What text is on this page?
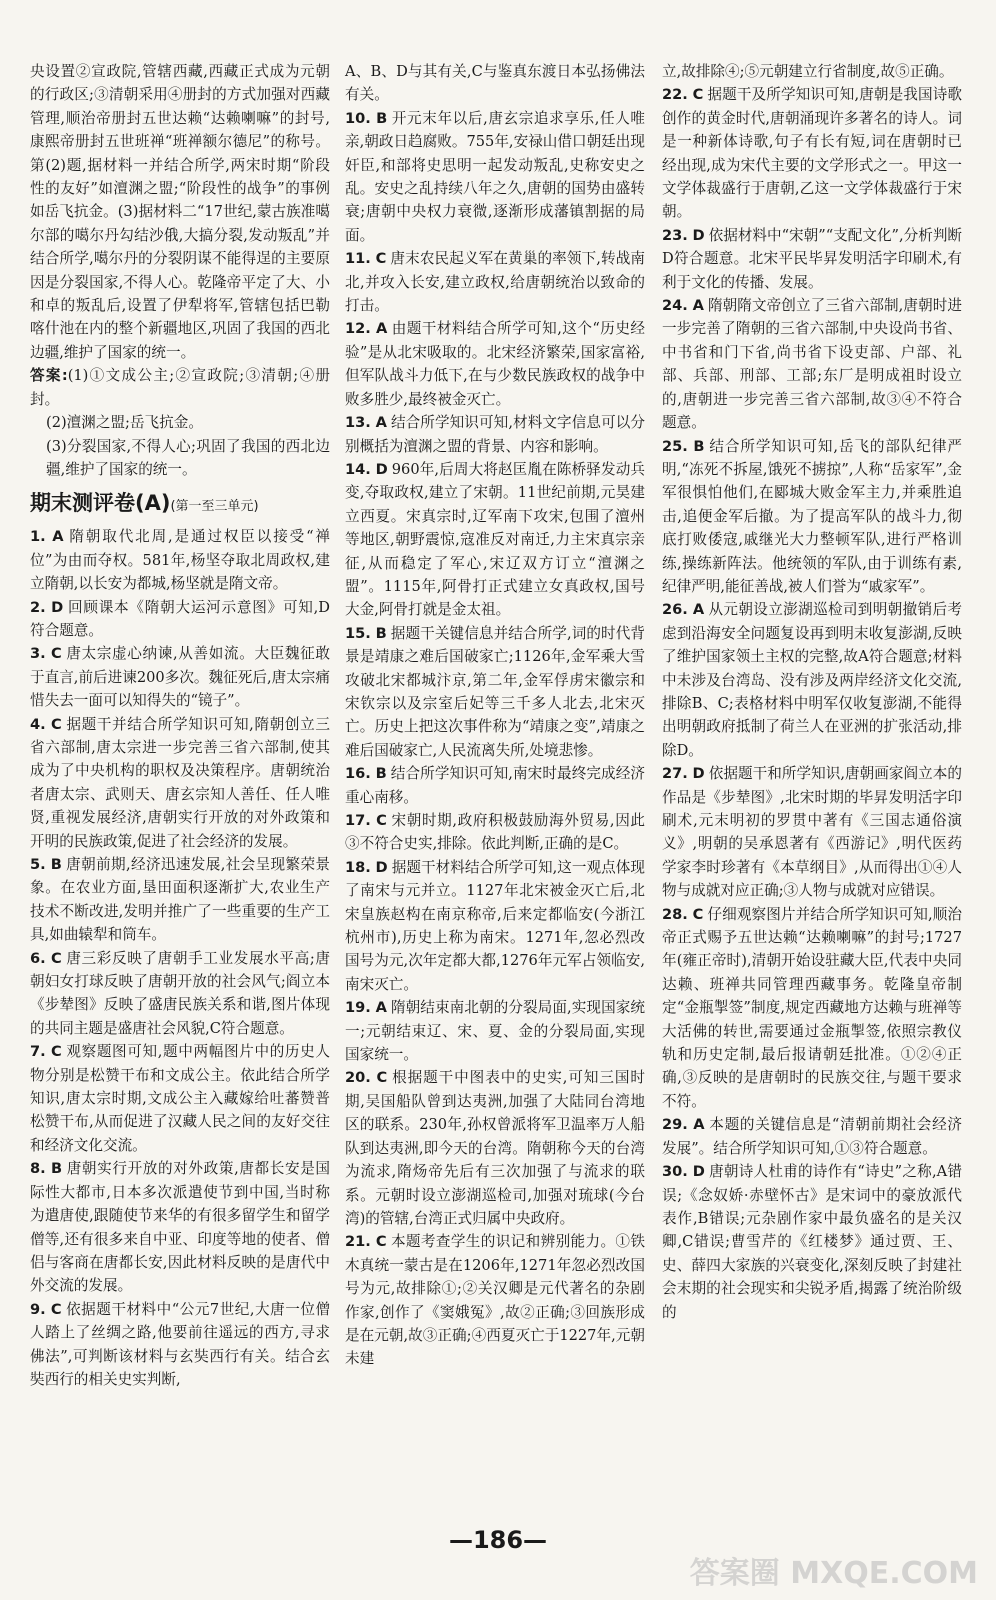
央设置②宣政院,管辖西藏,西藏正式成为元朝的行政区;③清朝采用④册封的方式加强对西藏管理,顺治帝册封五世达赖“达赖喇嘛”的封号,康熙帝册封五世班禅“班禅额尔德尼”的称号。第(2)题,据材料一并结合所学,两宋时期“阶段性的友好”如澶渊之盟;“阶段性的战争”的事例如岳飞抗金。(3)据材料二“17世纪,蒙古族准噶尔部的噶尔丹勾结沙俄,大搞分裂,发动叛乱”并结合所学,噶尔丹的分裂阴谋不能得逞的主要原因是分裂国家,不得人心。乾隆帝平定了大、小和卓的叛乱后,设置了伊犁将军,管辖包括巴勒喀什池在内的整个新疆地区,巩固了我国的西北边疆,维护了国家的统一。

答案:(1)①文成公主;②宣政院;③清朝;④册封。

(2)澶渊之盟;岳飞抗金。

(3)分裂国家,不得人心;巩固了我国的西北边疆,维护了国家的统一。

期末测评卷(A)(第一至三单元)

1. A 隋朝取代北周,是通过权臣以接受“禅位”为由而夺权。581年,杨坚夺取北周政权,建立隋朝,以长安为都城,杨坚就是隋文帝。

2. D 回顾课本《隋朝大运河示意图》可知,D符合题意。

3. C 唐太宗虚心纳谏,从善如流。大臣魏征敢于直言,前后进谏200多次。魏征死后,唐太宗痛惜失去一面可以知得失的“镜子”。

4. C 据题干并结合所学知识可知,隋朝创立三省六部制,唐太宗进一步完善三省六部制,使其成为了中央机构的职权及决策程序。唐朝统治者唐太宗、武则天、唐玄宗知人善任、任人唯贤,重视发展经济,唐朝实行开放的对外政策和开明的民族政策,促进了社会经济的发展。

5. B 唐朝前期,经济迅速发展,社会呈现繁荣景象。在农业方面,垦田面积逐渐扩大,农业生产技术不断改进,发明并推广了一些重要的生产工具,如曲辕犁和筒车。

6. C 唐三彩反映了唐朝手工业发展水平高;唐朝妇女打球反映了唐朝开放的社会风气;阎立本《步辇图》反映了盛唐民族关系和谐,图片体现的共同主题是盛唐社会风貌,C符合题意。

7. C 观察题图可知,题中两幅图片中的历史人物分别是松赞干布和文成公主。依此结合所学知识,唐太宗时期,文成公主入藏嫁给吐蕃赞普松赞干布,从而促进了汉藏人民之间的友好交往和经济文化交流。

8. B 唐朝实行开放的对外政策,唐都长安是国际性大都市,日本多次派遣使节到中国,当时称为遣唐使,跟随使节来华的有很多留学生和留学僧等,还有很多来自中亚、印度等地的使者、僧侣与客商在唐都长安,因此材料反映的是唐代中外交流的发展。

9. C 依据题干材料中“公元7世纪,大唐一位僧人踏上了丝绸之路,他要前往遥远的西方,寻求佛法”,可判断该材料与玄奘西行有关。结合玄奘西行的相关史实判断,

A、B、D与其有关,C与鉴真东渡日本弘扬佛法有关。

10. B 开元末年以后,唐玄宗追求享乐,任人唯亲,朝政日趋腐败。755年,安禄山借口朝廷出现奸臣,和部将史思明一起发动叛乱,史称安史之乱。安史之乱持续八年之久,唐朝的国势由盛转衰;唐朝中央权力衰微,逐渐形成藩镇割据的局面。

11. C 唐末农民起义军在黄巢的率领下,转战南北,并攻入长安,建立政权,给唐朝统治以致命的打击。

12. A 由题干材料结合所学可知,这个“历史经验”是从北宋吸取的。北宋经济繁荣,国家富裕,但军队战斗力低下,在与少数民族政权的战争中败多胜少,最终被金灭亡。

13. A 结合所学知识可知,材料文字信息可以分别概括为澶渊之盟的背景、内容和影响。

14. D 960年,后周大将赵匡胤在陈桥驿发动兵变,夺取政权,建立了宋朝。11世纪前期,元昊建立西夏。宋真宗时,辽军南下攻宋,包围了澶州等地区,朝野震惊,寇准反对南迁,力主宋真宗亲征,从而稳定了军心,宋辽双方订立“澶渊之盟”。1115年,阿骨打正式建立女真政权,国号大金,阿骨打就是金太祖。

15. B 据题干关键信息并结合所学,词的时代背景是靖康之难后国破家亡;1126年,金军乘大雪攻破北宋都城汴京,第二年,金军俘虏宋徽宗和宋钦宗以及宗室后妃等三千多人北去,北宋灭亡。历史上把这次事件称为“靖康之变”,靖康之难后国破家亡,人民流离失所,处境悲惨。

16. B 结合所学知识可知,南宋时最终完成经济重心南移。

17. C 宋朝时期,政府积极鼓励海外贸易,因此③不符合史实,排除。依此判断,正确的是C。

18. D 据题干材料结合所学可知,这一观点体现了南宋与元并立。1127年北宋被金灭亡后,北宋皇族赵构在南京称帝,后来定都临安(今浙江杭州市),历史上称为南宋。1271年,忽必烈改国号为元,次年定都大都,1276年元军占领临安,南宋灭亡。

19. A 隋朝结束南北朝的分裂局面,实现国家统一;元朝结束辽、宋、夏、金的分裂局面,实现国家统一。

20. C 根据题干中图表中的史实,可知三国时期,吴国船队曾到达夷洲,加强了大陆同台湾地区的联系。230年,孙权曾派将军卫温率万人船队到达夷洲,即今天的台湾。隋朝称今天的台湾为流求,隋炀帝先后有三次加强了与流求的联系。元朝时设立澎湖巡检司,加强对琉球(今台湾)的管辖,台湾正式归属中央政府。

21. C 本题考查学生的识记和辨别能力。①铁木真统一蒙古是在1206年,1271年忽必烈改国号为元,故排除①;②关汉卿是元代著名的杂剧作家,创作了《窦娥冤》,故②正确;③回族形成是在元朝,故③正确;④西夏灭亡于1227年,元朝未建

立,故排除④;⑤元朝建立行省制度,故⑤正确。

22. C 据题干及所学知识可知,唐朝是我国诗歌创作的黄金时代,唐朝涌现许多著名的诗人。词是一种新体诗歌,句子有长有短,词在唐朝时已经出现,成为宋代主要的文学形式之一。甲这一文学体裁盛行于唐朝,乙这一文学体裁盛行于宋朝。

23. D 依据材料中“宋朝”“支配文化”,分析判断D符合题意。北宋平民毕昇发明活字印刷术,有利于文化的传播、发展。

24. A 隋朝隋文帝创立了三省六部制,唐朝时进一步完善了隋朝的三省六部制,中央设尚书省、中书省和门下省,尚书省下设吏部、户部、礼部、兵部、刑部、工部;东厂是明成祖时设立的,唐朝进一步完善三省六部制,故③④不符合题意。

25. B 结合所学知识可知,岳飞的部队纪律严明,“冻死不拆屋,饿死不掳掠”,人称“岳家军”,金军很惧怕他们,在郾城大败金军主力,并乘胜追击,追便金军后撤。为了提高军队的战斗力,彻底打败倭寇,戚继光大力整顿军队,进行严格训练,操练新阵法。他统领的军队,由于训练有素,纪律严明,能征善战,被人们誉为“戚家军”。

26. A 从元朝设立澎湖巡检司到明朝撤销后考虑到沿海安全问题复设再到明末收复澎湖,反映了维护国家领土主权的完整,故A符合题意;材料中未涉及台湾岛、没有涉及两岸经济文化交流,排除B、C;表格材料中明军仅收复澎湖,不能得出明朝政府抵制了荷兰人在亚洲的扩张活动,排除D。

27. D 依据题干和所学知识,唐朝画家阎立本的作品是《步辇图》,北宋时期的毕昇发明活字印刷术,元末明初的罗贯中著有《三国志通俗演义》,明朝的吴承恩著有《西游记》,明代医药学家李时珍著有《本草纲目》,从而得出①④人物与成就对应正确;③人物与成就对应错误。

28. C 仔细观察图片并结合所学知识可知,顺治帝正式赐予五世达赖“达赖喇嘛”的封号;1727年(雍正帝时),清朝开始设驻藏大臣,代表中央同达赖、班禅共同管理西藏事务。乾隆皇帝制定“金瓶掣签”制度,规定西藏地方达赖与班禅等大活佛的转世,需要通过金瓶掣签,依照宗教仪轨和历史定制,最后报请朝廷批准。①②④正确,③反映的是唐朝时的民族交往,与题干要求不符。

29. A 本题的关键信息是“清朝前期社会经济发展”。结合所学知识可知,①③符合题意。

30. D 唐朝诗人杜甫的诗作有“诗史”之称,A错误;《念奴娇·赤壁怀古》是宋词中的豪放派代表作,B错误;元杂剧作家中最负盛名的是关汉卿,C错误;曹雪芹的《红楼梦》通过贾、王、史、薛四大家族的兴衰变化,深刻反映了封建社会末期的社会现实和尖锐矛盾,揭露了统治阶级的

—186—
答案圈 MXQE.COM
